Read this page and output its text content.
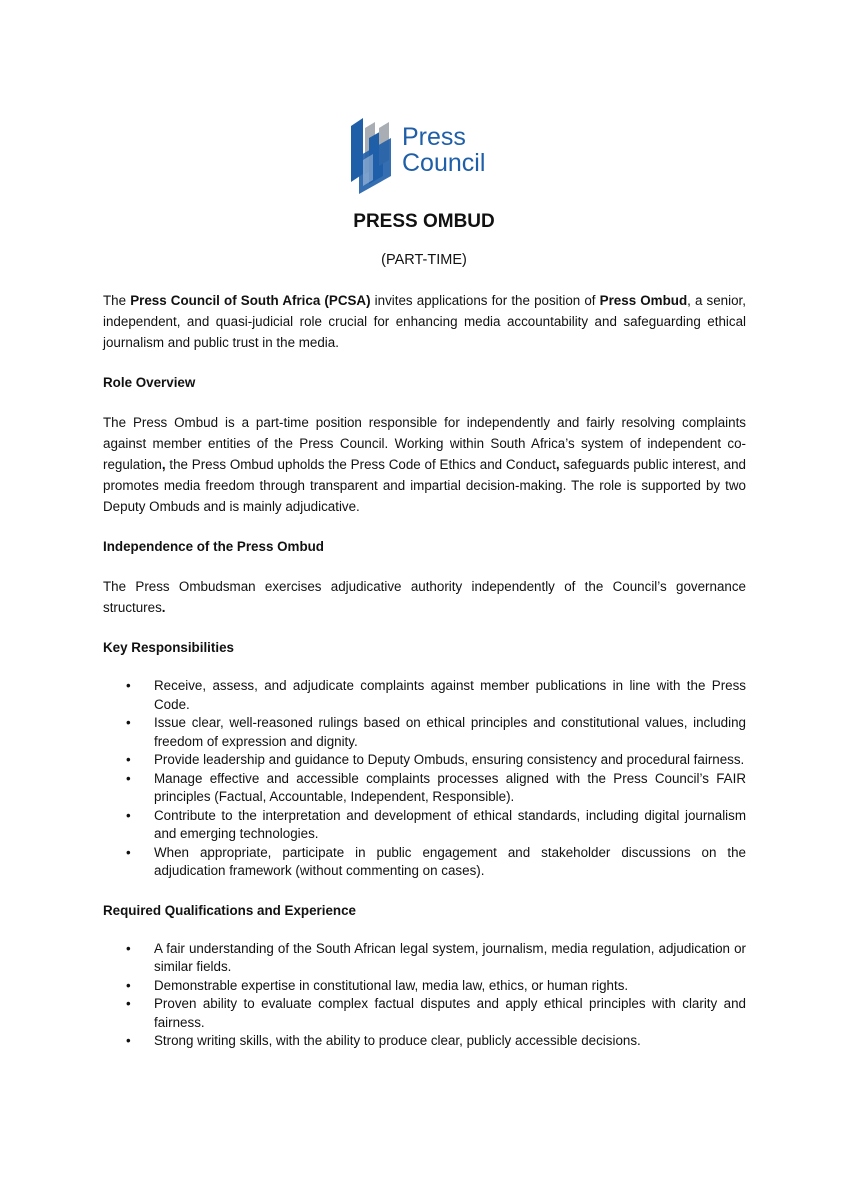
Press
Council
PRESS OMBUD
(PART-TIME)

The Press Council of South Africa (PCSA) invites applications for the position of Press Ombud, a senior, independent, and quasi-judicial role crucial for enhancing media accountability and safeguarding ethical journalism and public trust in the media.

Role Overview

The Press Ombud is a part-time position responsible for independently and fairly resolving complaints against member entities of the Press Council. Working within South Africa’s system of independent co-regulation, the Press Ombud upholds the Press Code of Ethics and Conduct, safeguards public interest, and promotes media freedom through transparent and impartial decision-making. The role is supported by two Deputy Ombuds and is mainly adjudicative.

Independence of the Press Ombud

The Press Ombudsman exercises adjudicative authority independently of the Council’s governance structures.

Key Responsibilities
• Receive, assess, and adjudicate complaints against member publications in line with the Press Code.
• Issue clear, well-reasoned rulings based on ethical principles and constitutional values, including freedom of expression and dignity.
• Provide leadership and guidance to Deputy Ombuds, ensuring consistency and procedural fairness.
• Manage effective and accessible complaints processes aligned with the Press Council’s FAIR principles (Factual, Accountable, Independent, Responsible).
• Contribute to the interpretation and development of ethical standards, including digital journalism and emerging technologies.
• When appropriate, participate in public engagement and stakeholder discussions on the adjudication framework (without commenting on cases).
Required Qualifications and Experience
• A fair understanding of the South African legal system, journalism, media regulation, adjudication or similar fields.
• Demonstrable expertise in constitutional law, media law, ethics, or human rights.
• Proven ability to evaluate complex factual disputes and apply ethical principles with clarity and fairness.
• Strong writing skills, with the ability to produce clear, publicly accessible decisions.
